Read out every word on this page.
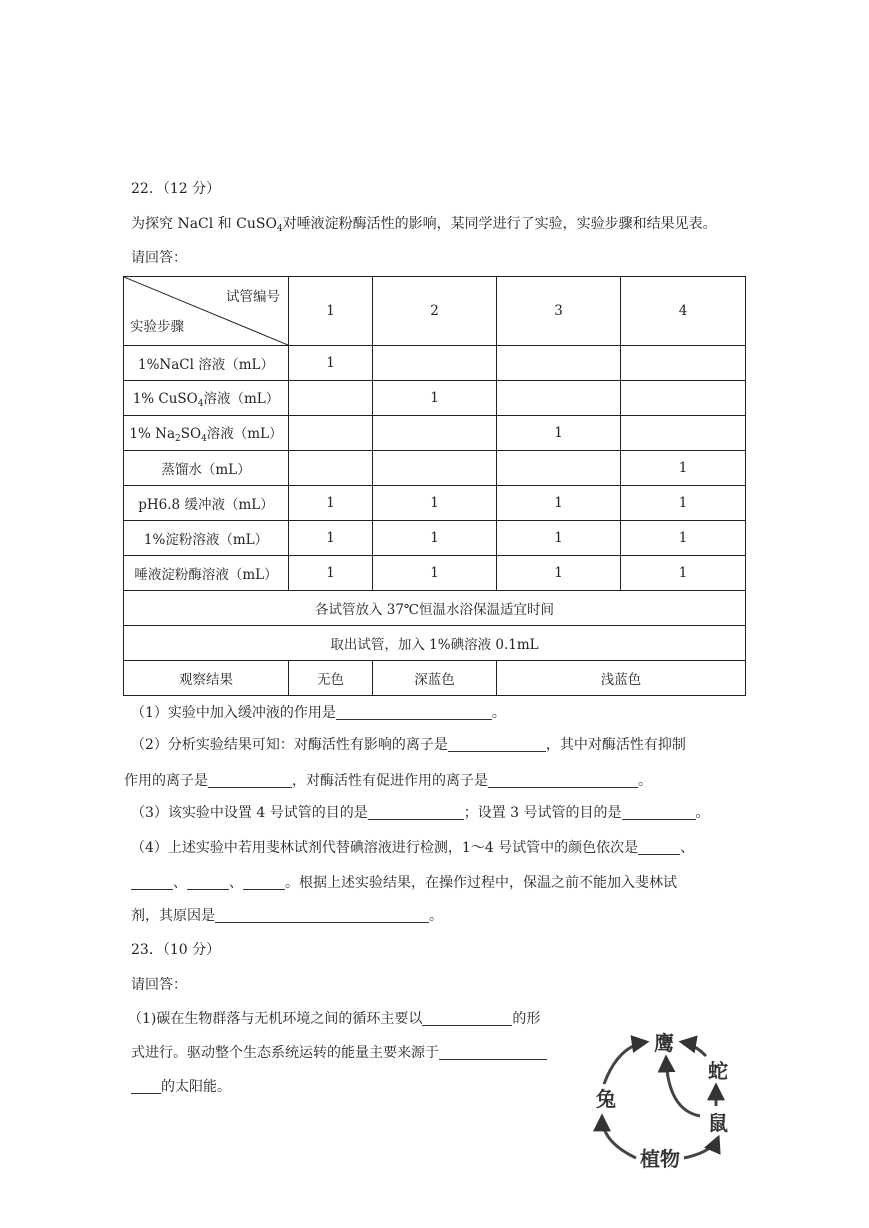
22．（12 分）
为探究 NaCl 和 CuSO$_4$对唾液淀粉酶活性的影响，某同学进行了实验，实验步骤和结果见表。
请回答：
试管编号
实验步骤	1	2	3	4
1%NaCl 溶液（mL）	1			
1% CuSO$_4$溶液（mL）		1		
1% $Na_2SO_4$溶液（mL）			1	
蒸馏水（mL）				1
pH6.8 缓冲液（mL）	1	1	1	1
1%淀粉溶液（mL）	1	1	1	1
唾液淀粉酶溶液（mL）	1	1	1	1
各试管放入 37℃恒温水浴保温适宜时间				
取出试管，加入 1%碘溶液 0.1mL				
观察结果	无色	深蓝色	浅蓝色	
（1）实验中加入缓冲液的作用是	。
（2）分析实验结果可知：对酶活性有影响的离子是	，其中对酶活性有抑制
作用的离子是	，对酶活性有促进作用的离子是	。
（3）该实验中设置 4 号试管的目的是	；设置 3 号试管的目的是	。
（4）上述实验中若用斐林试剂代替碘溶液进行检测，1～4 号试管中的颜色依次是	、
、	、	。根据上述实验结果，在操作过程中，保温之前不能加入斐林试
剂，其原因是	。
23．（10 分）
请回答：
（1)碳在生物群落与无机环境之间的循环主要以	的形
式进行。驱动整个生态系统运转的能量主要来源于
的太阳能。
鹰
蛇
兔
鼠
植物
